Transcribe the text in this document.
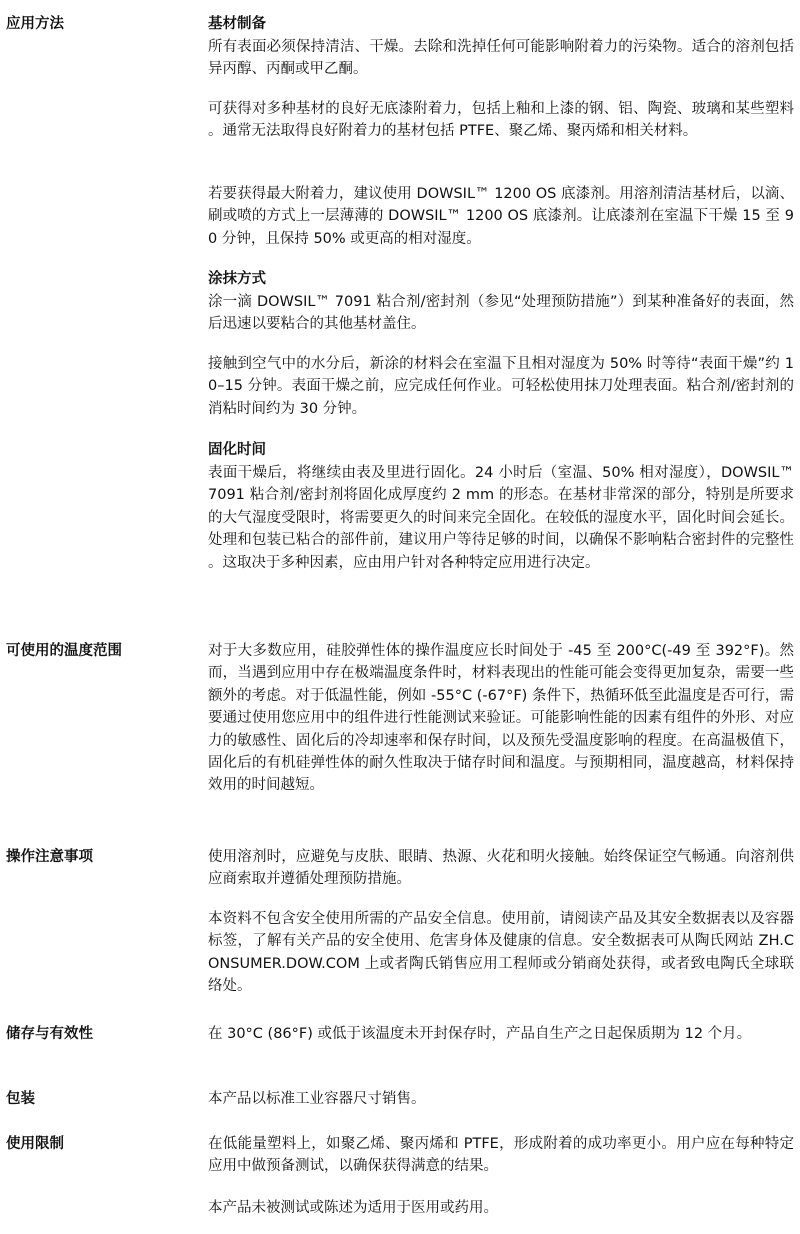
应用方法	基材制备

所有表面必须保持清洁、干燥。去除和洗掉任何可能影响附着力的污染物。适合的溶剂包括异丙醇、丙酮或甲乙酮。

可获得对多种基材的良好无底漆附着力，包括上釉和上漆的钢、铝、陶瓷、玻璃和某些塑料。通常无法取得良好附着力的基材包括 PTFE、聚乙烯、聚丙烯和相关材料。

若要获得最大附着力，建议使用 DOWSIL™ 1200 OS 底漆剂。用溶剂清洁基材后，以滴、刷或喷的方式上一层薄薄的 DOWSIL™ 1200 OS 底漆剂。让底漆剂在室温下干燥 15 至 90 分钟，且保持 50% 或更高的相对湿度。

涂抹方式

涂一滴 DOWSIL™ 7091 粘合剂/密封剂（参见“处理预防措施”）到某种准备好的表面，然后迅速以要粘合的其他基材盖住。

接触到空气中的水分后，新涂的材料会在室温下且相对湿度为 50% 时等待“表面干燥”约 10–15 分钟。表面干燥之前，应完成任何作业。可轻松使用抹刀处理表面。粘合剂/密封剂的消粘时间约为 30 分钟。

固化时间

表面干燥后，将继续由表及里进行固化。24 小时后（室温、50% 相对湿度），DOWSIL™ 7091 粘合剂/密封剂将固化成厚度约 2 mm 的形态。在基材非常深的部分，特别是所要求的大气湿度受限时，将需要更久的时间来完全固化。在较低的湿度水平，固化时间会延长。处理和包装已粘合的部件前，建议用户等待足够的时间，以确保不影响粘合密封件的完整性。这取决于多种因素，应由用户针对各种特定应用进行决定。

可使用的温度范围	对于大多数应用，硅胶弹性体的操作温度应长时间处于 -45 至 200°C(-49 至 392°F)。然而，当遇到应用中存在极端温度条件时，材料表现出的性能可能会变得更加复杂，需要一些额外的考虑。对于低温性能，例如 -55°C (-67°F) 条件下，热循环低至此温度是否可行，需要通过使用您应用中的组件进行性能测试来验证。可能影响性能的因素有组件的外形、对应力的敏感性、固化后的冷却速率和保存时间，以及预先受温度影响的程度。在高温极值下，固化后的有机硅弹性体的耐久性取决于储存时间和温度。与预期相同，温度越高，材料保持效用的时间越短。

操作注意事项	使用溶剂时，应避免与皮肤、眼睛、热源、火花和明火接触。始终保证空气畅通。向溶剂供应商索取并遵循处理预防措施。

本资料不包含安全使用所需的产品安全信息。使用前，请阅读产品及其安全数据表以及容器标签，了解有关产品的安全使用、危害身体及健康的信息。安全数据表可从陶氏网站 ZH.CONSUMER.DOW.COM 上或者陶氏销售应用工程师或分销商处获得，或者致电陶氏全球联络处。

储存与有效性	在 30°C (86°F) 或低于该温度未开封保存时，产品自生产之日起保质期为 12 个月。

包装	本产品以标准工业容器尺寸销售。

使用限制	在低能量塑料上，如聚乙烯、聚丙烯和 PTFE，形成附着的成功率更小。用户应在每种特定应用中做预备测试，以确保获得满意的结果。

本产品未被测试或陈述为适用于医用或药用。
